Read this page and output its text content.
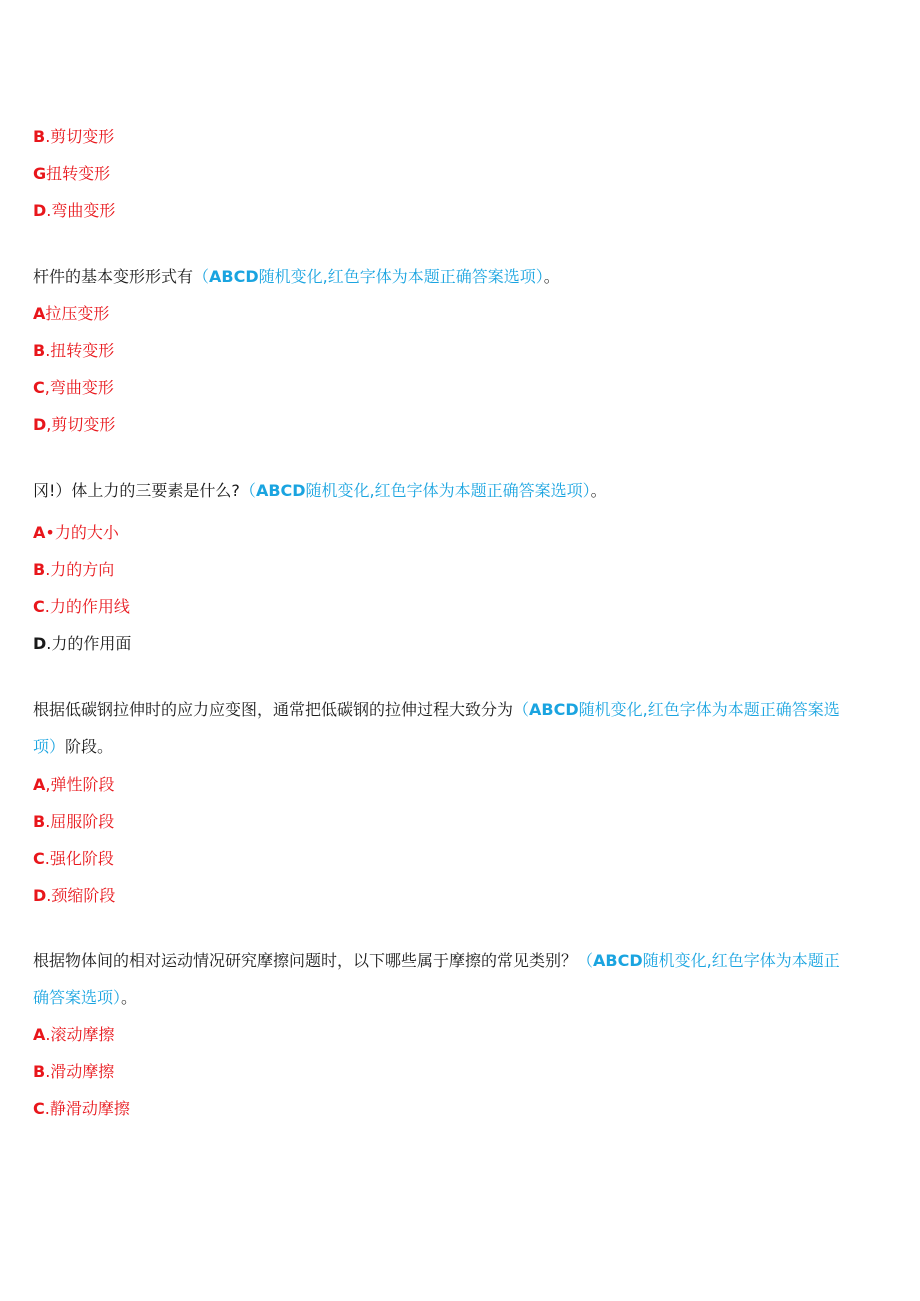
B.剪切变形
G扭转变形
D.弯曲变形
杆件的基本变形形式有（ABCD随机变化,红色字体为本题正确答案选项）。
A拉压变形
B.扭转变形
C,弯曲变形
D,剪切变形
冈!）体上力的三要素是什么?（ABCD随机变化,红色字体为本题正确答案选项）。
A•力的大小
B.力的方向
C.力的作用线
D.力的作用面
根据低碳钢拉伸时的应力应变图，通常把低碳钢的拉伸过程大致分为（ABCD随机变化,红色字体为本题正确答案选
项）阶段。
A,弹性阶段
B.屈服阶段
C.强化阶段
D.颈缩阶段
根据物体间的相对运动情况研究摩擦问题时，以下哪些属于摩擦的常见类别？（ABCD随机变化,红色字体为本题正
确答案选项）。
A.滚动摩擦
B.滑动摩擦
C.静滑动摩擦
